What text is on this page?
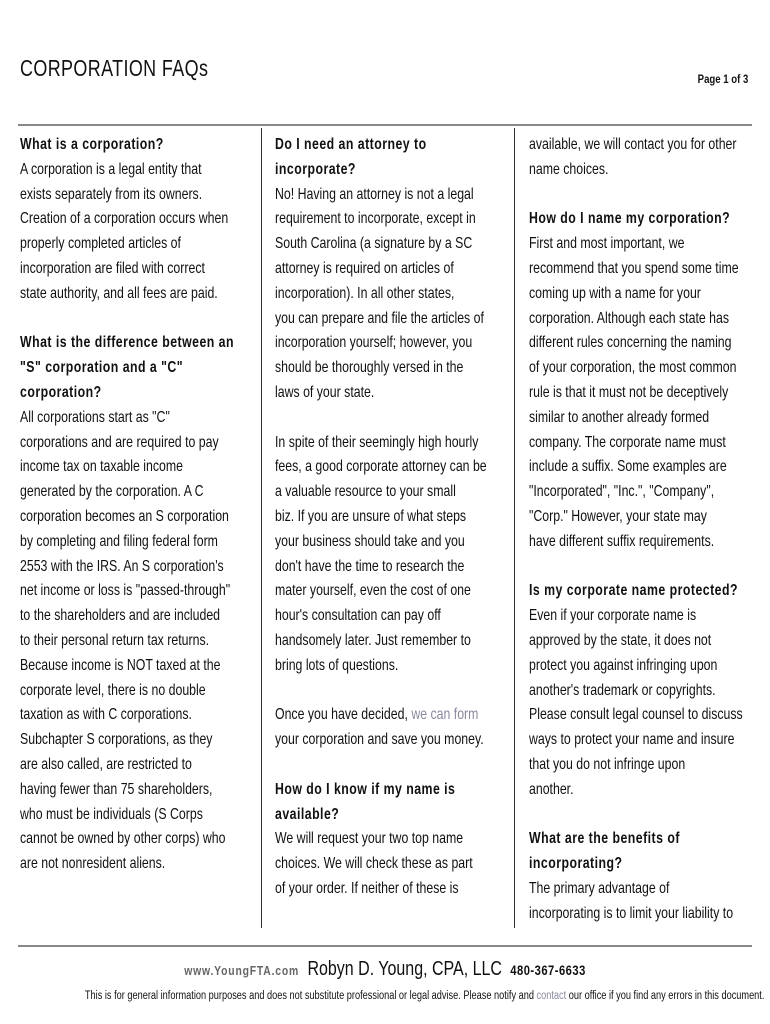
CORPORATION FAQs	Page 1 of 3
What is a corporation?
A corporation is a legal entity that
exists separately from its owners.
Creation of a corporation occurs when
properly completed articles of
incorporation are filed with correct
state authority, and all fees are paid.
What is the difference between an
"S" corporation and a "C"
corporation?
All corporations start as "C"
corporations and are required to pay
income tax on taxable income
generated by the corporation. A C
corporation becomes an S corporation
by completing and filing federal form
2553 with the IRS. An S corporation's
net income or loss is "passed-through"
to the shareholders and are included
to their personal return tax returns.
Because income is NOT taxed at the
corporate level, there is no double
taxation as with C corporations.
Subchapter S corporations, as they
are also called, are restricted to
having fewer than 75 shareholders,
who must be individuals (S Corps
cannot be owned by other corps) who
are not nonresident aliens.
Do I need an attorney to
incorporate?
No! Having an attorney is not a legal
requirement to incorporate, except in
South Carolina (a signature by a SC
attorney is required on articles of
incorporation). In all other states,
you can prepare and file the articles of
incorporation yourself; however, you
should be thoroughly versed in the
laws of your state.
In spite of their seemingly high hourly
fees, a good corporate attorney can be
a valuable resource to your small
biz. If you are unsure of what steps
your business should take and you
don't have the time to research the
mater yourself, even the cost of one
hour's consultation can pay off
handsomely later. Just remember to
bring lots of questions.
Once you have decided, we can form
your corporation and save you money.
How do I know if my name is
available?
We will request your two top name
choices. We will check these as part
of your order. If neither of these is
available, we will contact you for other
name choices.
How do I name my corporation?
First and most important, we
recommend that you spend some time
coming up with a name for your
corporation. Although each state has
different rules concerning the naming
of your corporation, the most common
rule is that it must not be deceptively
similar to another already formed
company. The corporate name must
include a suffix. Some examples are
"Incorporated", "Inc.", "Company",
"Corp." However, your state may
have different suffix requirements.
Is my corporate name protected?
Even if your corporate name is
approved by the state, it does not
protect you against infringing upon
another's trademark or copyrights.
Please consult legal counsel to discuss
ways to protect your name and insure
that you do not infringe upon
another.
What are the benefits of
incorporating?
The primary advantage of
incorporating is to limit your liability to
www.YoungFTA.com Robyn D. Young, CPA, LLC 480-367-6633
This is for general information purposes and does not substitute professional or legal advise. Please notify and contact our office if you find any errors in this document.
